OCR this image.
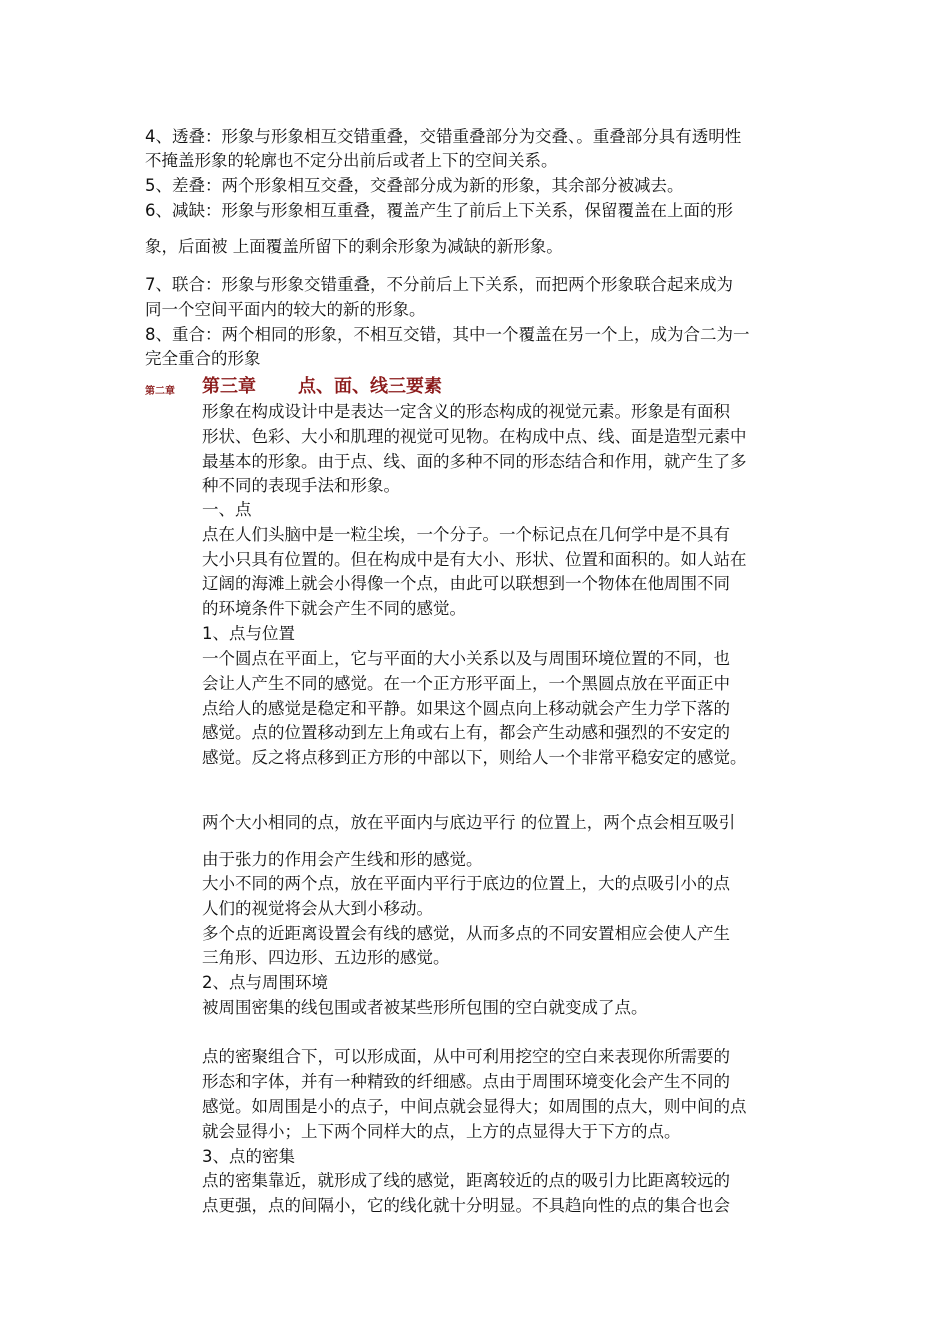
4、透叠：形象与形象相互交错重叠，交错重叠部分为交叠、。重叠部分具有透明性
不掩盖形象的轮廓也不定分出前后或者上下的空间关系。
5、差叠：两个形象相互交叠，交叠部分成为新的形象，其余部分被减去。
6、减缺：形象与形象相互重叠，覆盖产生了前后上下关系，保留覆盖在上面的形
象，后面被 上面覆盖所留下的剩余形象为减缺的新形象。
7、联合：形象与形象交错重叠，不分前后上下关系，而把两个形象联合起来成为
同一个空间平面内的较大的新的形象。
8、重合：两个相同的形象，不相互交错，其中一个覆盖在另一个上，成为合二为一
完全重合的形象
第二章 第三章 点、面、线三要素
形象在构成设计中是表达一定含义的形态构成的视觉元素。形象是有面积
形状、色彩、大小和肌理的视觉可见物。在构成中点、线、面是造型元素中
最基本的形象。由于点、线、面的多种不同的形态结合和作用，就产生了多
种不同的表现手法和形象。
一、点
点在人们头脑中是一粒尘埃，一个分子。一个标记点在几何学中是不具有
大小只具有位置的。但在构成中是有大小、形状、位置和面积的。如人站在
辽阔的海滩上就会小得像一个点，由此可以联想到一个物体在他周围不同
的环境条件下就会产生不同的感觉。
1、点与位置
一个圆点在平面上，它与平面的大小关系以及与周围环境位置的不同，也
会让人产生不同的感觉。在一个正方形平面上，一个黑圆点放在平面正中
点给人的感觉是稳定和平静。如果这个圆点向上移动就会产生力学下落的
感觉。点的位置移动到左上角或右上有，都会产生动感和强烈的不安定的
感觉。反之将点移到正方形的中部以下，则给人一个非常平稳安定的感觉。
两个大小相同的点，放在平面内与底边平行 的位置上，两个点会相互吸引
由于张力的作用会产生线和形的感觉。
大小不同的两个点，放在平面内平行于底边的位置上，大的点吸引小的点
人们的视觉将会从大到小移动。
多个点的近距离设置会有线的感觉，从而多点的不同安置相应会使人产生
三角形、四边形、五边形的感觉。
2、点与周围环境
被周围密集的线包围或者被某些形所包围的空白就变成了点。
点的密聚组合下，可以形成面，从中可利用挖空的空白来表现你所需要的
形态和字体，并有一种精致的纤细感。点由于周围环境变化会产生不同的
感觉。如周围是小的点子，中间点就会显得大；如周围的点大，则中间的点
就会显得小；上下两个同样大的点，上方的点显得大于下方的点。
3、点的密集
点的密集靠近，就形成了线的感觉，距离较近的点的吸引力比距离较远的
点更强，点的间隔小，它的线化就十分明显。不具趋向性的点的集合也会
